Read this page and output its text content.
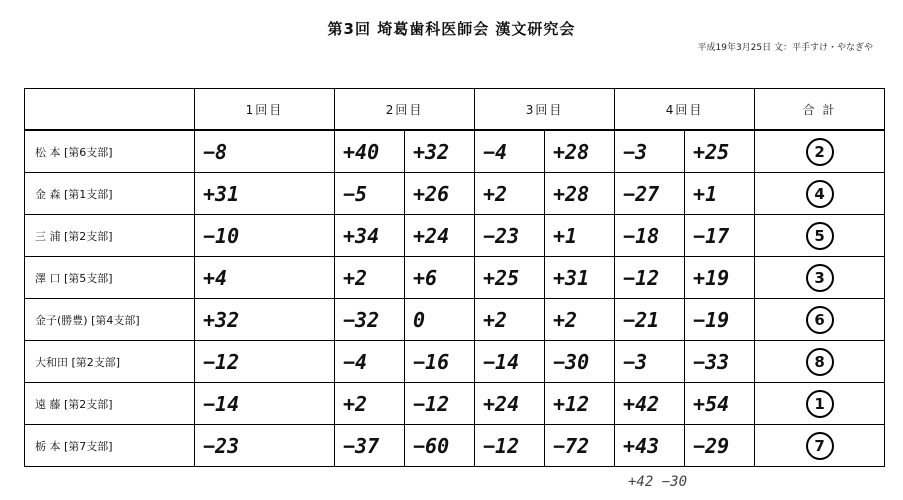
第3回 埼葛歯科医師会 漢文研究会
平成19年3月25日 文：平手すけ・やなぎや
	1回目	2回目		3回目		4回目		合 計
松 本 [第6支部]	−8	+40	+32	−4	+28	−3	+25	2
金 森 [第1支部]	+31	−5	+26	+2	+28	−27	+1	4
三 浦 [第2支部]	−10	+34	+24	−23	+1	−18	−17	5
澤 口 [第5支部]	+4	+2	+6	+25	+31	−12	+19	3
金子(勝豊) [第4支部]	+32	−32	0	+2	+2	−21	−19	6
大和田 [第2支部]	−12	−4	−16	−14	−30	−3	−33	8
遠 藤 [第2支部]	−14	+2	−12	+24	+12	+42	+54	1
栃 本 [第7支部]	−23	−37	−60	−12	−72	+43	−29	7
+42 −30
